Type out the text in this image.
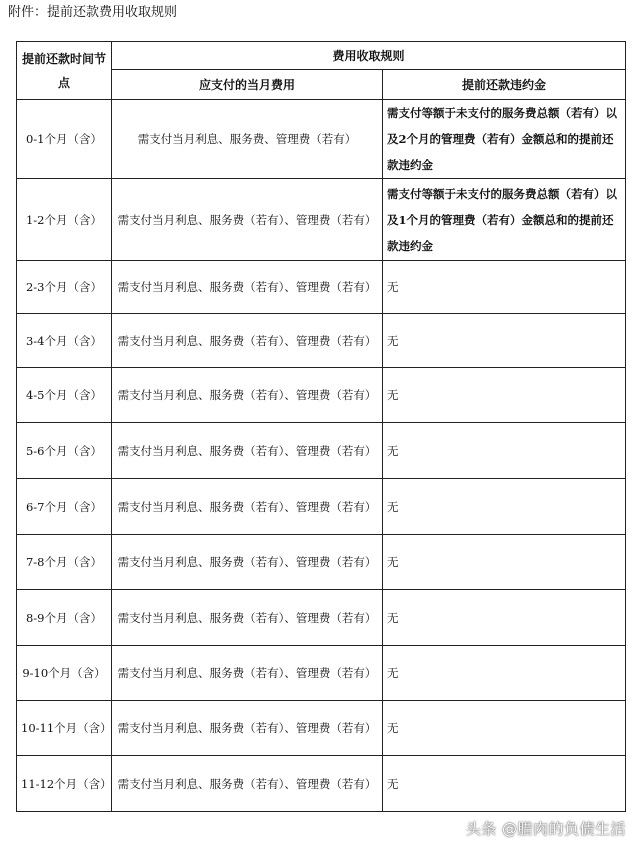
附件：提前还款费用收取规则
提前还款时间节点	费用收取规则	
	应支付的当月费用	提前还款违约金
0-1个月（含）	需支付当月利息、服务费、管理费（若有）	需支付等额于未支付的服务费总额（若有）以及2个月的管理费（若有）金额总和的提前还款违约金
1-2个月（含）	需支付当月利息、服务费（若有）、管理费（若有）	需支付等额于未支付的服务费总额（若有）以及1个月的管理费（若有）金额总和的提前还款违约金
2-3个月（含）	需支付当月利息、服务费（若有）、管理费（若有）	无
3-4个月（含）	需支付当月利息、服务费（若有）、管理费（若有）	无
4-5个月（含）	需支付当月利息、服务费（若有）、管理费（若有）	无
5-6个月（含）	需支付当月利息、服务费（若有）、管理费（若有）	无
6-7个月（含）	需支付当月利息、服务费（若有）、管理费（若有）	无
7-8个月（含）	需支付当月利息、服务费（若有）、管理费（若有）	无
8-9个月（含）	需支付当月利息、服务费（若有）、管理费（若有）	无
9-10个月（含）	需支付当月利息、服务费（若有）、管理费（若有）	无
10-11个月（含）	需支付当月利息、服务费（若有）、管理费（若有）	无
11-12个月（含）	需支付当月利息、服务费（若有）、管理费（若有）	无
头条 @腊肉的负债生活
